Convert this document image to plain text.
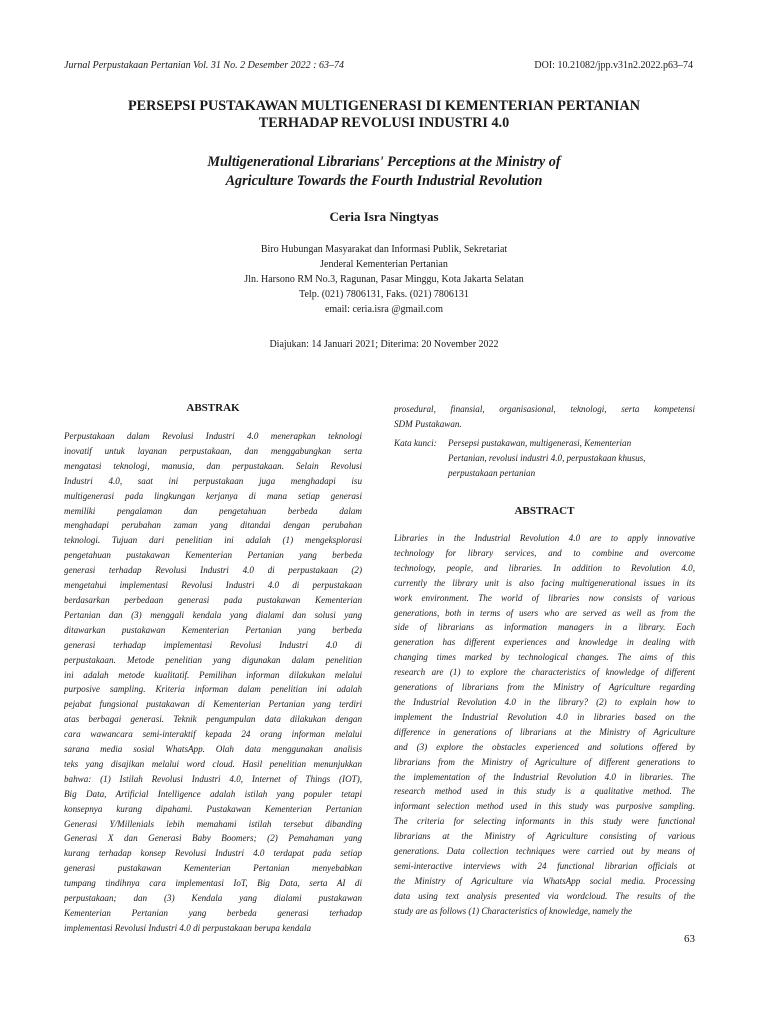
Jurnal Perpustakaan Pertanian Vol. 31 No. 2 Desember 2022 : 63–74	DOI: 10.21082/jpp.v31n2.2022.p63–74
PERSEPSI PUSTAKAWAN MULTIGENERASI DI KEMENTERIAN PERTANIAN
TERHADAP REVOLUSI INDUSTRI 4.0
Multigenerational Librarians' Perceptions at the Ministry of
Agriculture Towards the Fourth Industrial Revolution
Ceria Isra Ningtyas
Biro Hubungan Masyarakat dan Informasi Publik, Sekretariat
Jenderal Kementerian Pertanian
Jln. Harsono RM No.3, Ragunan, Pasar Minggu, Kota Jakarta Selatan
Telp. (021) 7806131, Faks. (021) 7806131
email: ceria.isra @gmail.com
Diajukan: 14 Januari 2021; Diterima: 20 November 2022
ABSTRAK
Perpustakaan dalam Revolusi Industri 4.0 menerapkan teknologi
inovatif untuk layanan perpustakaan, dan menggabungkan serta
mengatasi teknologi, manusia, dan perpustakaan. Selain Revolusi
Industri 4.0, saat ini perpustakaan juga menghadapi isu
multigenerasi pada lingkungan kerjanya di mana setiap generasi
memiliki pengalaman dan pengetahuan berbeda dalam
menghadapi perubahan zaman yang ditandai dengan perubahan
teknologi. Tujuan dari penelitian ini adalah (1) mengeksplorasi
pengetahuan pustakawan Kementerian Pertanian yang berbeda
generasi terhadap Revolusi Industri 4.0 di perpustakaan (2)
mengetahui implementasi Revolusi Industri 4.0 di perpustakaan
berdasarkan perbedaan generasi pada pustakawan Kementerian
Pertanian dan (3) menggali kendala yang dialami dan solusi yang
ditawarkan pustakawan Kementerian Pertanian yang berbeda
generasi terhadap implementasi Revolusi Industri 4.0 di
perpustakaan. Metode penelitian yang digunakan dalam penelitian
ini adalah metode kualitatif. Pemilihan informan dilakukan melalui
purposive sampling. Kriteria informan dalam penelitian ini adalah
pejabat fungsional pustakawan di Kementerian Pertanian yang terdiri
atas berbagai generasi. Teknik pengumpulan data dilakukan dengan
cara wawancara semi-interaktif kepada 24 orang informan melalui
sarana media sosial WhatsApp. Olah data menggunakan analisis
teks yang disajikan melalui word cloud. Hasil penelitian menunjukkan
bahwa: (1) Istilah Revolusi Industri 4.0, Internet of Things (IOT),
Big Data, Artificial Intelligence adalah istilah yang populer tetapi
konsepnya kurang dipahami. Pustakawan Kementerian Pertanian
Generasi Y/Millenials lebih memahami istilah tersebut dibanding
Generasi X dan Generasi Baby Boomers; (2) Pemahaman yang
kurang terhadap konsep Revolusi Industri 4.0 terdapat pada setiap
generasi pustakawan Kementerian Pertanian menyebabkan
tumpang tindihnya cara implementasi IoT, Big Data, serta AI di
perpustakaan; dan (3) Kendala yang dialami pustakawan
Kementerian Pertanian yang berbeda generasi terhadap
implementasi Revolusi Industri 4.0 di perpustakaan berupa kendala
prosedural, finansial, organisasional, teknologi, serta kompetensi
SDM Pustakawan.
Kata kunci: Persepsi pustakawan, multigenerasi, Kementerian
Pertanian, revolusi industri 4.0, perpustakaan khusus,
perpustakaan pertanian
ABSTRACT
Libraries in the Industrial Revolution 4.0 are to apply innovative
technology for library services, and to combine and overcome
technology, people, and libraries. In addition to Revolution 4.0,
currently the library unit is also facing multigenerational issues in its
work environment. The world of libraries now consists of various
generations, both in terms of users who are served as well as from the
side of librarians as information managers in a library. Each
generation has different experiences and knowledge in dealing with
changing times marked by technological changes. The aims of this
research are (1) to explore the characteristics of knowledge of different
generations of librarians from the Ministry of Agriculture regarding
the Industrial Revolution 4.0 in the library? (2) to explain how to
implement the Industrial Revolution 4.0 in libraries based on the
difference in generations of librarians at the Ministry of Agriculture
and (3) explore the obstacles experienced and solutions offered by
librarians from the Ministry of Agriculture of different generations to
the implementation of the Industrial Revolution 4.0 in libraries. The
research method used in this study is a qualitative method. The
informant selection method used in this study was purposive sampling.
The criteria for selecting informants in this study were functional
librarians at the Ministry of Agriculture consisting of various
generations. Data collection techniques were carried out by means of
semi-interactive interviews with 24 functional librarian officials at
the Ministry of Agriculture via WhatsApp social media. Processing
data using text analysis presented via wordcloud. The results of the
study are as follows (1) Characteristics of knowledge, namely the
63
